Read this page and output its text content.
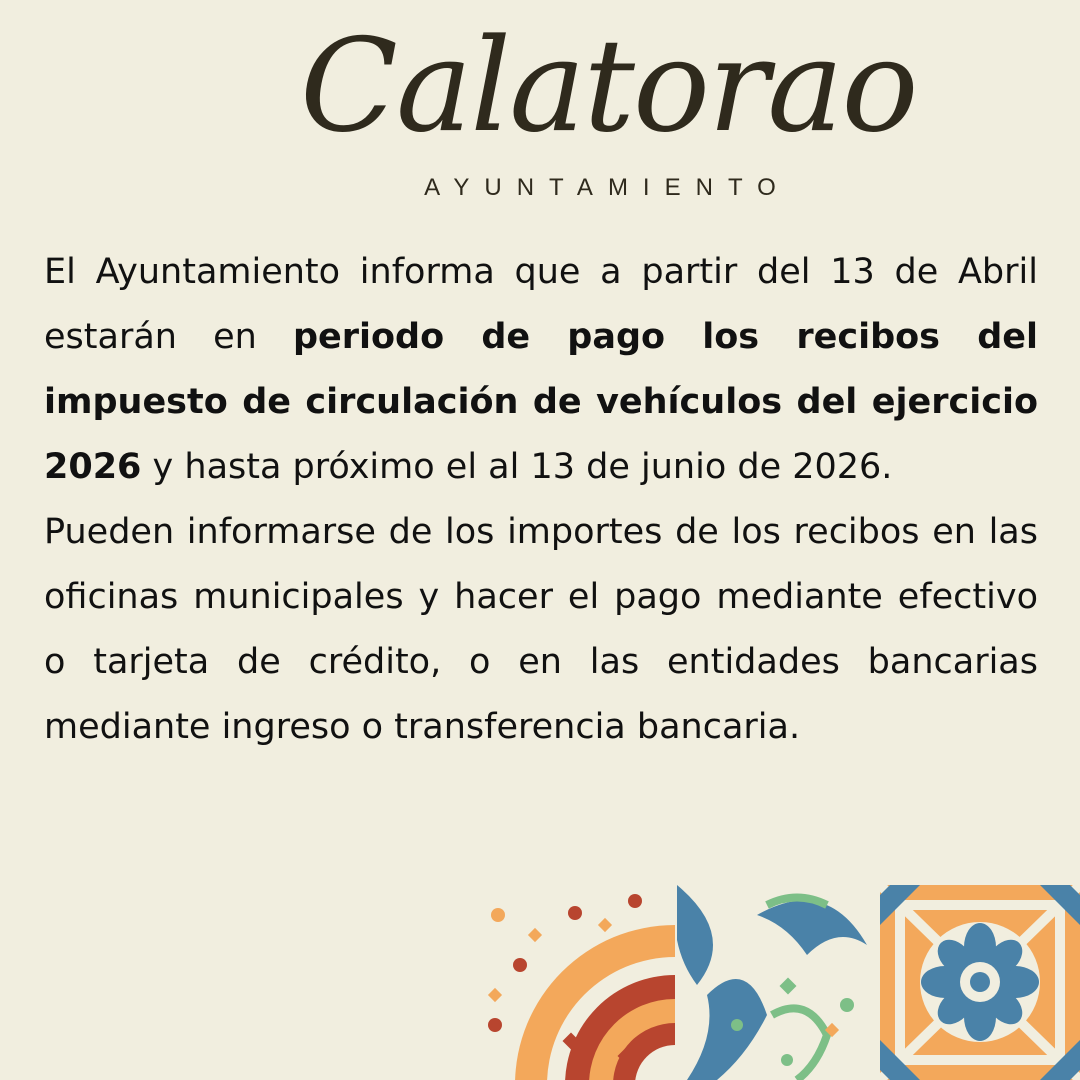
Calatorao
AYUNTAMIENTO

El Ayuntamiento informa que a partir del 13 de Abril estarán en periodo de pago los recibos del impuesto de circulación de vehículos del ejercicio 2026 y hasta próximo el al 13 de junio de 2026.

Pueden informarse de los importes de los recibos en las oficinas municipales y hacer el pago mediante efectivo o tarjeta de crédito, o en las entidades bancarias mediante ingreso o transferencia bancaria.
